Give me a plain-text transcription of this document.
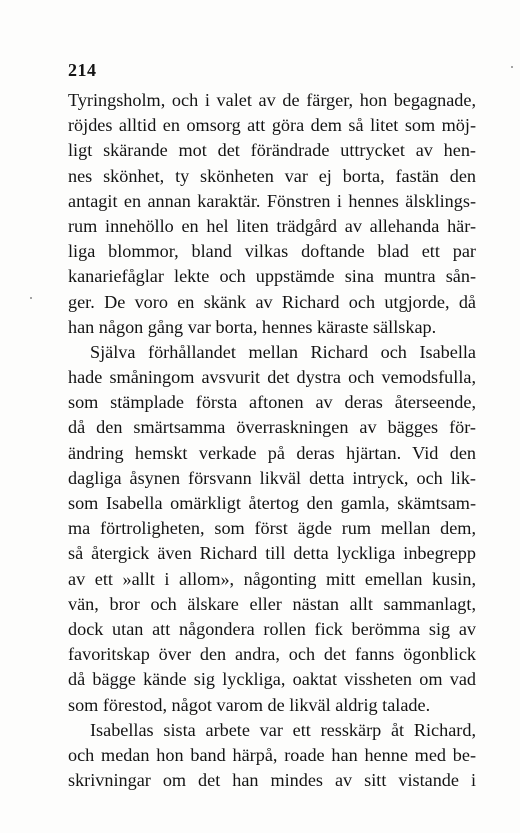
214
Tyringsholm, och i valet av de färger, hon begagnade,
röjdes alltid en omsorg att göra dem så litet som möj-
ligt skärande mot det förändrade uttrycket av hen-
nes skönhet, ty skönheten var ej borta, fastän den
antagit en annan karaktär. Fönstren i hennes älsklings-
rum innehöllo en hel liten trädgård av allehanda här-
liga blommor, bland vilkas doftande blad ett par
kanariefåglar lekte och uppstämde sina muntra sån-
ger. De voro en skänk av Richard och utgjorde, då
han någon gång var borta, hennes käraste sällskap.
Själva förhållandet mellan Richard och Isabella
hade småningom avsvurit det dystra och vemodsfulla,
som stämplade första aftonen av deras återseende,
då den smärtsamma överraskningen av bägges för-
ändring hemskt verkade på deras hjärtan. Vid den
dagliga åsynen försvann likväl detta intryck, och lik-
som Isabella omärkligt återtog den gamla, skämtsam-
ma förtroligheten, som först ägde rum mellan dem,
så återgick även Richard till detta lyckliga inbegrepp
av ett »allt i allom», någonting mitt emellan kusin,
vän, bror och älskare eller nästan allt sammanlagt,
dock utan att någondera rollen fick berömma sig av
favoritskap över den andra, och det fanns ögonblick
då bägge kände sig lyckliga, oaktat vissheten om vad
som förestod, något varom de likväl aldrig talade.
Isabellas sista arbete var ett resskärp åt Richard,
och medan hon band härpå, roade han henne med be-
skrivningar om det han mindes av sitt vistande i
